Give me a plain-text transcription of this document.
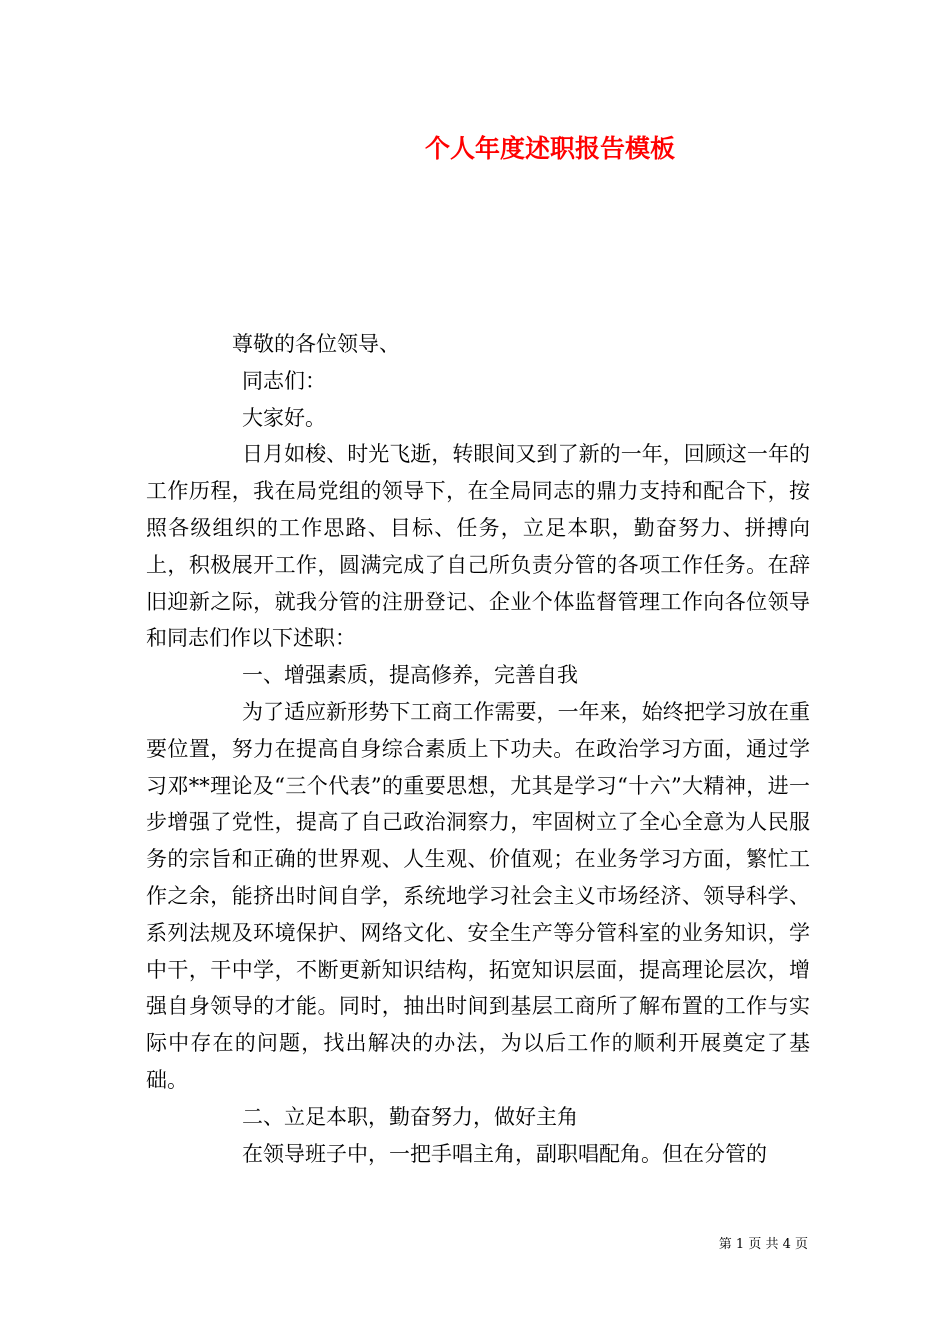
个人年度述职报告模板

尊敬的各位领导、

同志们：

大家好。

日月如梭、时光飞逝，转眼间又到了新的一年，回顾这一年的工作历程，我在局党组的领导下，在全局同志的鼎力支持和配合下，按照各级组织的工作思路、目标、任务，立足本职，勤奋努力、拼搏向上，积极展开工作，圆满完成了自己所负责分管的各项工作任务。在辞旧迎新之际，就我分管的注册登记、企业个体监督管理工作向各位领导和同志们作以下述职：

一、增强素质，提高修养，完善自我

为了适应新形势下工商工作需要，一年来，始终把学习放在重要位置，努力在提高自身综合素质上下功夫。在政治学习方面，通过学习邓**理论及“三个代表”的重要思想，尤其是学习“十六”大精神，进一步增强了党性，提高了自己政治洞察力，牢固树立了全心全意为人民服务的宗旨和正确的世界观、人生观、价值观；在业务学习方面，繁忙工作之余，能挤出时间自学，系统地学习社会主义市场经济、领导科学、系列法规及环境保护、网络文化、安全生产等分管科室的业务知识，学中干，干中学，不断更新知识结构，拓宽知识层面，提高理论层次，增强自身领导的才能。同时，抽出时间到基层工商所了解布置的工作与实际中存在的问题，找出解决的办法，为以后工作的顺利开展奠定了基础。

二、立足本职，勤奋努力，做好主角

在领导班子中，一把手唱主角，副职唱配角。但在分管的

第 1 页 共 4 页
